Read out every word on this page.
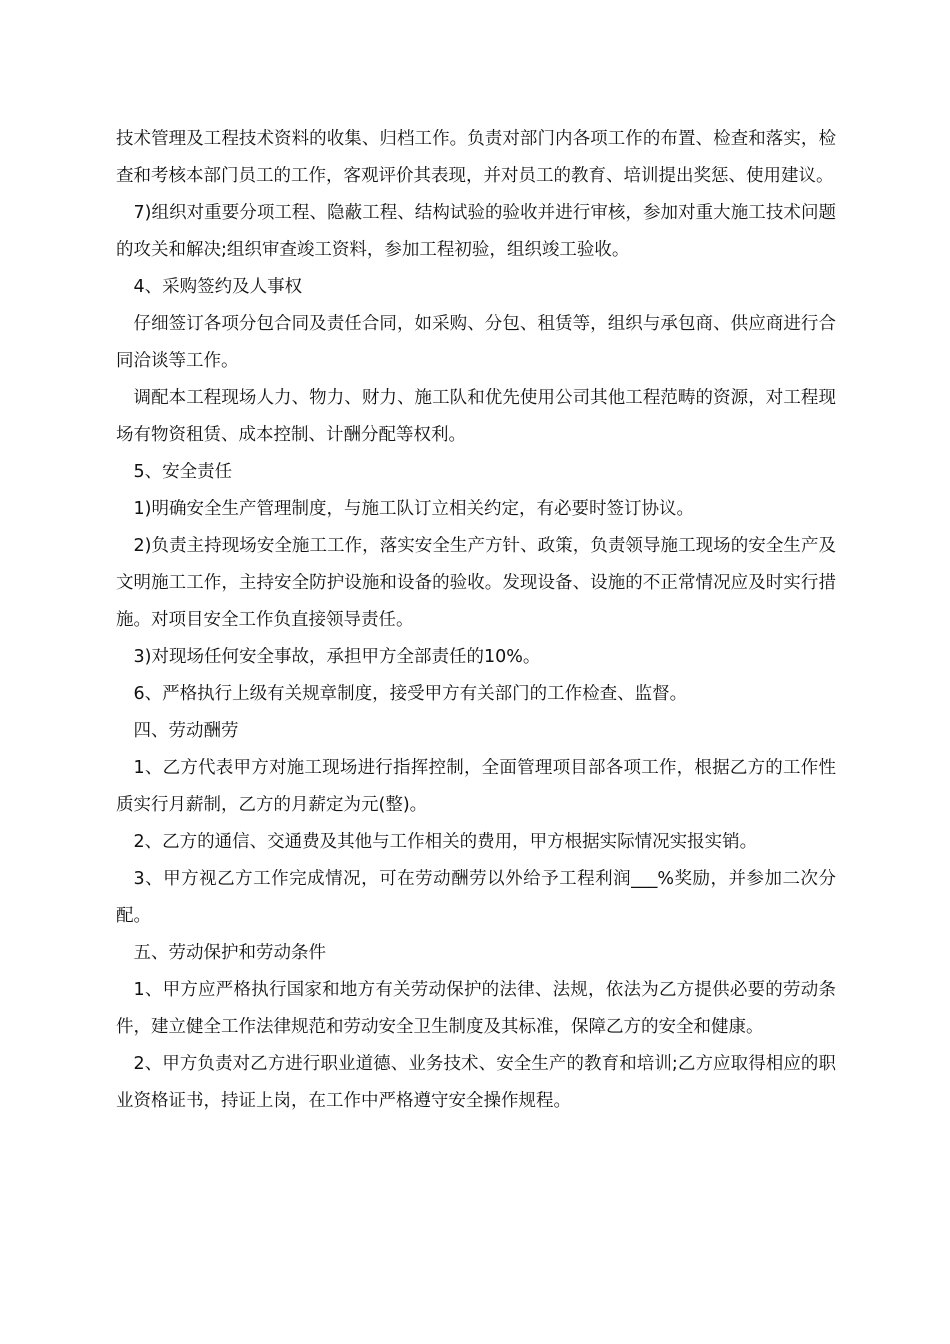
技术管理及工程技术资料的收集、归档工作。负责对部门内各项工作的布置、检查和落实，检查和考核本部门员工的工作，客观评价其表现，并对员工的教育、培训提出奖惩、使用建议。

7)组织对重要分项工程、隐蔽工程、结构试验的验收并进行审核，参加对重大施工技术问题的攻关和解决;组织审查竣工资料，参加工程初验，组织竣工验收。

4、采购签约及人事权

仔细签订各项分包合同及责任合同，如采购、分包、租赁等，组织与承包商、供应商进行合同洽谈等工作。

调配本工程现场人力、物力、财力、施工队和优先使用公司其他工程范畴的资源，对工程现场有物资租赁、成本控制、计酬分配等权利。

5、安全责任

1)明确安全生产管理制度，与施工队订立相关约定，有必要时签订协议。

2)负责主持现场安全施工工作，落实安全生产方针、政策，负责领导施工现场的安全生产及文明施工工作，主持安全防护设施和设备的验收。发现设备、设施的不正常情况应及时实行措施。对项目安全工作负直接领导责任。

3)对现场任何安全事故，承担甲方全部责任的10%。

6、严格执行上级有关规章制度，接受甲方有关部门的工作检查、监督。

四、劳动酬劳

1、乙方代表甲方对施工现场进行指挥控制，全面管理项目部各项工作，根据乙方的工作性质实行月薪制，乙方的月薪定为元(整)。

2、乙方的通信、交通费及其他与工作相关的费用，甲方根据实际情况实报实销。

3、甲方视乙方工作完成情况，可在劳动酬劳以外给予工程利润___%奖励，并参加二次分配。

五、劳动保护和劳动条件

1、甲方应严格执行国家和地方有关劳动保护的法律、法规，依法为乙方提供必要的劳动条件，建立健全工作法律规范和劳动安全卫生制度及其标准，保障乙方的安全和健康。

2、甲方负责对乙方进行职业道德、业务技术、安全生产的教育和培训;乙方应取得相应的职业资格证书，持证上岗，在工作中严格遵守安全操作规程。
